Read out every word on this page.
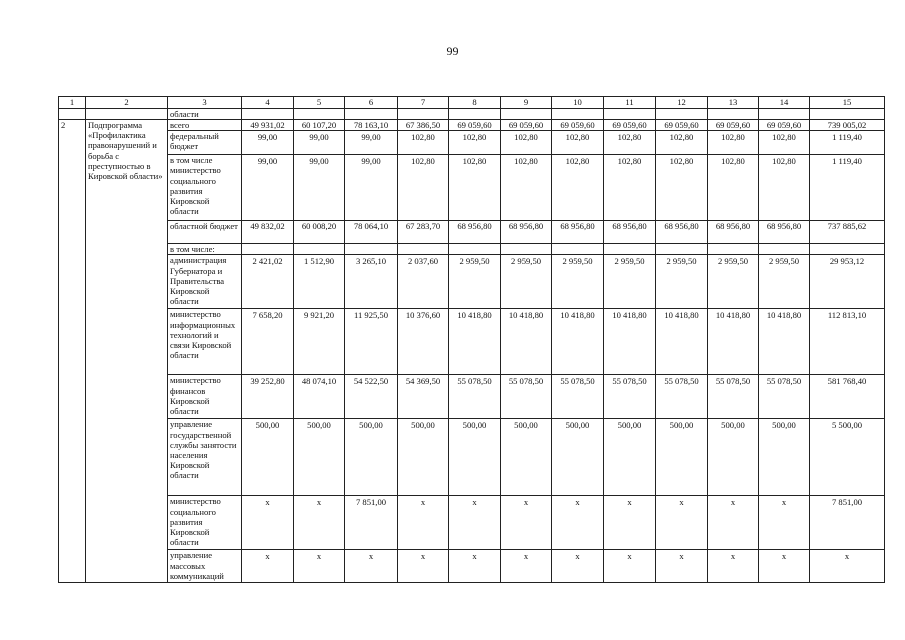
99
1	2	3	4	5	6	7	8	9	10	11	12	13	14	15
		области												
2	Подпрограмма «Профилактика правонарушений и борьба с преступностью в Кировской области»	всего	49 931,02	60 107,20	78 163,10	67 386,50	69 059,60	69 059,60	69 059,60	69 059,60	69 059,60	69 059,60	69 059,60	739 005,02
		федеральный бюджет	99,00	99,00	99,00	102,80	102,80	102,80	102,80	102,80	102,80	102,80	102,80	1 119,40
		в том числе министерство социального развития Кировской области	99,00	99,00	99,00	102,80	102,80	102,80	102,80	102,80	102,80	102,80	102,80	1 119,40
		областной бюджет	49 832,02	60 008,20	78 064,10	67 283,70	68 956,80	68 956,80	68 956,80	68 956,80	68 956,80	68 956,80	68 956,80	737 885,62
		в том числе:												
		администрация Губернатора и Правительства Кировской области	2 421,02	1 512,90	3 265,10	2 037,60	2 959,50	2 959,50	2 959,50	2 959,50	2 959,50	2 959,50	2 959,50	29 953,12
		министерство информационных технологий и связи Кировской области	7 658,20	9 921,20	11 925,50	10 376,60	10 418,80	10 418,80	10 418,80	10 418,80	10 418,80	10 418,80	10 418,80	112 813,10
		министерство финансов Кировской области	39 252,80	48 074,10	54 522,50	54 369,50	55 078,50	55 078,50	55 078,50	55 078,50	55 078,50	55 078,50	55 078,50	581 768,40
		управление государственной службы занятости населения Кировской области	500,00	500,00	500,00	500,00	500,00	500,00	500,00	500,00	500,00	500,00	500,00	5 500,00
		министерство социального развития Кировской области	x	x	7 851,00	x	x	x	x	x	x	x	x	7 851,00
		управление массовых коммуникаций	x	x	x	x	x	x	x	x	x	x	x	x
